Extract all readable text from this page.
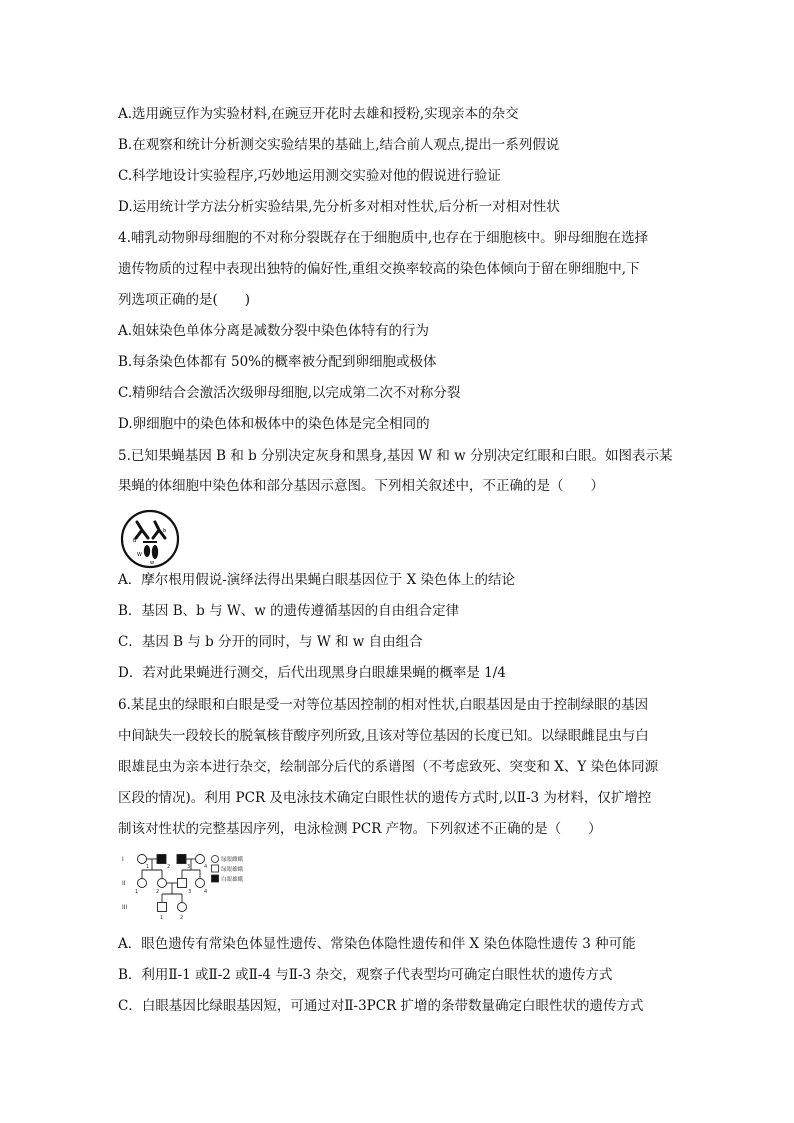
A.选用豌豆作为实验材料,在豌豆开花时去雄和授粉,实现亲本的杂交
B.在观察和统计分析测交实验结果的基础上,结合前人观点,提出一系列假说
C.科学地设计实验程序,巧妙地运用测交实验对他的假说进行验证
D.运用统计学方法分析实验结果,先分析多对相对性状,后分析一对相对性状
4.哺乳动物卵母细胞的不对称分裂既存在于细胞质中,也存在于细胞核中。卵母细胞在选择
遗传物质的过程中表现出独特的偏好性,重组交换率较高的染色体倾向于留在卵细胞中,下
列选项正确的是(　　)
A.姐妹染色单体分离是减数分裂中染色体特有的行为
B.每条染色体都有 50%的概率被分配到卵细胞或极体
C.精卵结合会激活次级卵母细胞,以完成第二次不对称分裂
D.卵细胞中的染色体和极体中的染色体是完全相同的
5.已知果蝇基因 B 和 b 分别决定灰身和黑身,基因 W 和 w 分别决定红眼和白眼。如图表示某
果蝇的体细胞中染色体和部分基因示意图。下列相关叙述中，不正确的是（　　）
B
b
W
w
A．摩尔根用假说-演绎法得出果蝇白眼基因位于 X 染色体上的结论
B．基因 B、b 与 W、w 的遗传遵循基因的自由组合定律
C．基因 B 与 b 分开的同时，与 W 和 w 自由组合
D．若对此果蝇进行测交，后代出现黑身白眼雄果蝇的概率是 1/4
6.某昆虫的绿眼和白眼是受一对等位基因控制的相对性状,白眼基因是由于控制绿眼的基因
中间缺失一段较长的脱氧核苷酸序列所致,且该对等位基因的长度已知。以绿眼雌昆虫与白
眼雄昆虫为亲本进行杂交，绘制部分后代的系谱图（不考虑致死、突变和 X、Y 染色体同源
区段的情况)。利用 PCR 及电泳技术确定白眼性状的遗传方式时,以Ⅱ-3 为材料，仅扩增控
制该对性状的完整基因序列，电泳检测 PCR 产物。下列叙述不正确的是（　　）
I
II
III
1	2	3	4
1	2	3	4
1	2
绿眼雌蛾
绿眼雄蛾
白眼雄蛾
A．眼色遗传有常染色体显性遗传、常染色体隐性遗传和伴 X 染色体隐性遗传 3 种可能
B．利用Ⅱ-1 或Ⅱ-2 或Ⅱ-4 与Ⅱ-3 杂交，观察子代表型均可确定白眼性状的遗传方式
C．白眼基因比绿眼基因短，可通过对Ⅱ-3PCR 扩增的条带数量确定白眼性状的遗传方式
